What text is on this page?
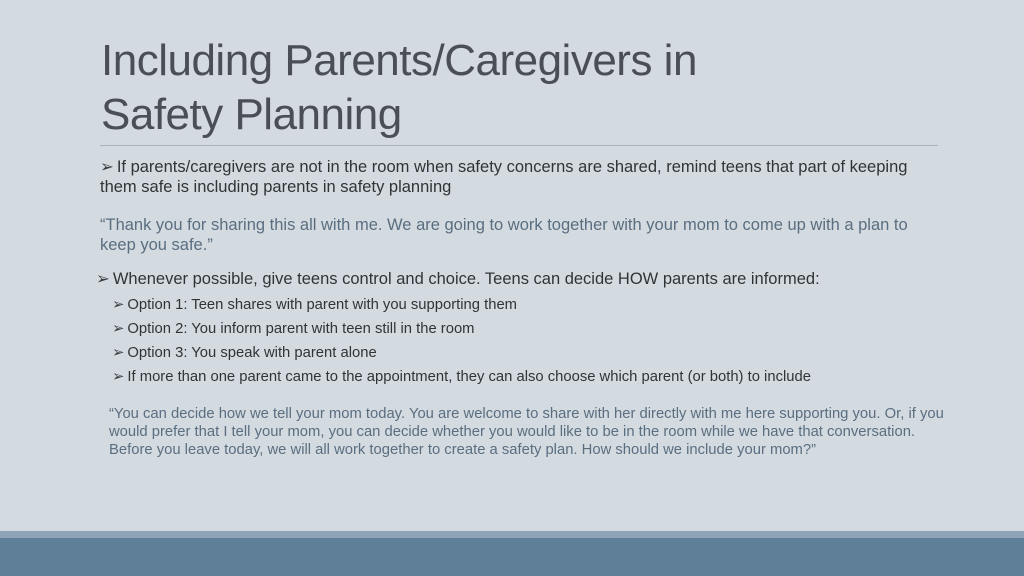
Including Parents/Caregivers in
Safety Planning
➢ If parents/caregivers are not in the room when safety concerns are shared, remind teens that part of keeping them safe is including parents in safety planning
“Thank you for sharing this all with me. We are going to work together with your mom to come up with a plan to keep you safe.”
➢ Whenever possible, give teens control and choice. Teens can decide HOW parents are informed:
➢ Option 1: Teen shares with parent with you supporting them
➢ Option 2: You inform parent with teen still in the room
➢ Option 3: You speak with parent alone
➢ If more than one parent came to the appointment, they can also choose which parent (or both) to include
“You can decide how we tell your mom today. You are welcome to share with her directly with me here supporting you. Or, if you would prefer that I tell your mom, you can decide whether you would like to be in the room while we have that conversation. Before you leave today, we will all work together to create a safety plan. How should we include your mom?”
